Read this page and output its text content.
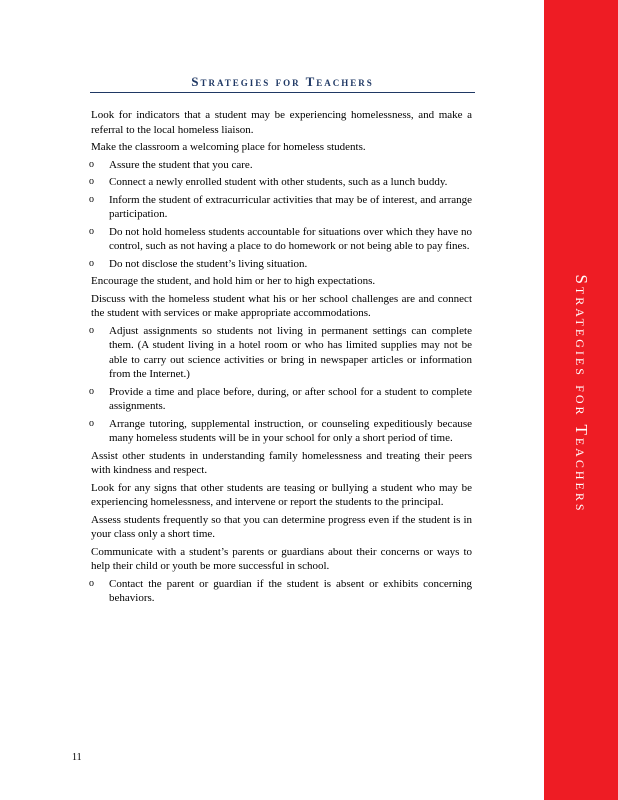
Strategies for Teachers
Look for indicators that a student may be experiencing homelessness, and make a referral to the local homeless liaison.
Make the classroom a welcoming place for homeless students.
o Assure the student that you care.
o Connect a newly enrolled student with other students, such as a lunch buddy.
o Inform the student of extracurricular activities that may be of interest, and arrange participation.
o Do not hold homeless students accountable for situations over which they have no control, such as not having a place to do homework or not being able to pay fines.
o Do not disclose the student’s living situation.
Encourage the student, and hold him or her to high expectations.
Discuss with the homeless student what his or her school challenges are and connect the student with services or make appropriate accommodations.
o Adjust assignments so students not living in permanent settings can complete them. (A student living in a hotel room or who has limited supplies may not be able to carry out science activities or bring in newspaper articles or information from the Internet.)
o Provide a time and place before, during, or after school for a student to complete assignments.
o Arrange tutoring, supplemental instruction, or counseling expeditiously because many homeless students will be in your school for only a short period of time.
Assist other students in understanding family homelessness and treating their peers with kindness and respect.
Look for any signs that other students are teasing or bullying a student who may be experiencing homelessness, and intervene or report the students to the principal.
Assess students frequently so that you can determine progress even if the student is in your class only a short time.
Communicate with a student’s parents or guardians about their concerns or ways to help their child or youth be more successful in school.
o Contact the parent or guardian if the student is absent or exhibits concerning behaviors.
11
Strategies for Teachers
